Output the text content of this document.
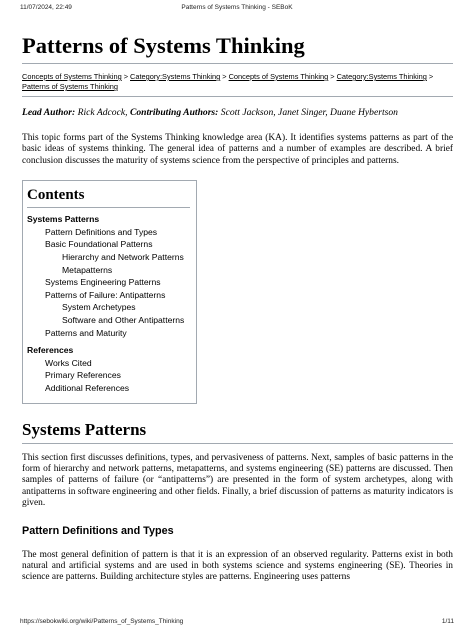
11/07/2024, 22:49	Patterns of Systems Thinking - SEBoK
Patterns of Systems Thinking
Concepts of Systems Thinking > Category:Systems Thinking > Concepts of Systems Thinking > Category:Systems Thinking >
Patterns of Systems Thinking
Lead Author: Rick Adcock, Contributing Authors: Scott Jackson, Janet Singer, Duane Hybertson

This topic forms part of the Systems Thinking knowledge area (KA). It identifies systems patterns as part of the basic ideas of systems thinking. The general idea of patterns and a number of examples are described. A brief conclusion discusses the maturity of systems science from the perspective of principles and patterns.

Contents
Systems Patterns
Pattern Definitions and Types
Basic Foundational Patterns
Hierarchy and Network Patterns
Metapatterns
Systems Engineering Patterns
Patterns of Failure: Antipatterns
System Archetypes
Software and Other Antipatterns
Patterns and Maturity
References
Works Cited
Primary References
Additional References
Systems Patterns

This section first discusses definitions, types, and pervasiveness of patterns. Next, samples of basic patterns in the form of hierarchy and network patterns, metapatterns, and systems engineering (SE) patterns are discussed. Then samples of patterns of failure (or “antipatterns”) are presented in the form of system archetypes, along with antipatterns in software engineering and other fields. Finally, a brief discussion of patterns as maturity indicators is given.

Pattern Definitions and Types

The most general definition of pattern is that it is an expression of an observed regularity. Patterns exist in both natural and artificial systems and are used in both systems science and systems engineering (SE). Theories in science are patterns. Building architecture styles are patterns. Engineering uses patterns

https://sebokwiki.org/wiki/Patterns_of_Systems_Thinking	1/11
